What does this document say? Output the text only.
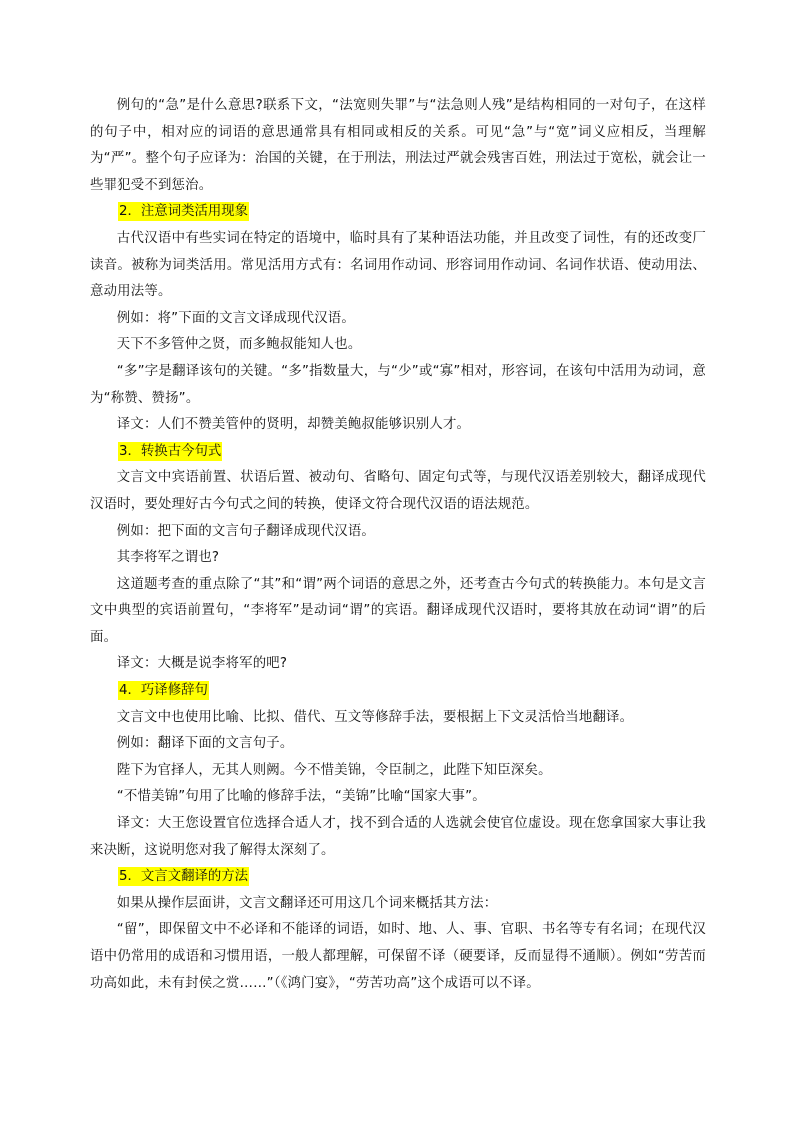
例句的“急”是什么意思?联系下文，“法宽则失罪”与“法急则人残”是结构相同的一对句子，在这样的句子中，相对应的词语的意思通常具有相同或相反的关系。可见“急”与“宽”词义应相反，当理解为“严”。整个句子应译为：治国的关键，在于刑法，刑法过严就会残害百姓，刑法过于宽松，就会让一些罪犯受不到惩治。

2．注意词类活用现象

古代汉语中有些实词在特定的语境中，临时具有了某种语法功能，并且改变了词性，有的还改变厂读音。被称为词类活用。常见活用方式有：名词用作动词、形容词用作动词、名词作状语、使动用法、意动用法等。

例如：将”下面的文言文译成现代汉语。

天下不多管仲之贤，而多鲍叔能知人也。

“多”字是翻译该句的关键。“多”指数量大，与“少”或“寡”相对，形容词，在该句中活用为动词，意为“称赞、赞扬”。

译文：人们不赞美管仲的贤明，却赞美鲍叔能够识别人才。

3．转换古今句式

文言文中宾语前置、状语后置、被动句、省略句、固定句式等，与现代汉语差别较大，翻译成现代汉语时，要处理好古今句式之间的转换，使译文符合现代汉语的语法规范。

例如：把下面的文言句子翻译成现代汉语。

其李将军之谓也?

这道题考查的重点除了“其”和“谓”两个词语的意思之外，还考查古今句式的转换能力。本句是文言文中典型的宾语前置句，“李将军”是动词“谓”的宾语。翻译成现代汉语时，要将其放在动词“谓”的后面。

译文：大概是说李将军的吧?

4．巧译修辞句

文言文中也使用比喻、比拟、借代、互文等修辞手法，要根据上下文灵活恰当地翻译。

例如：翻译下面的文言句子。

陛下为官择人，无其人则阙。今不惜美锦，令臣制之，此陛下知臣深矣。

“不惜美锦”句用了比喻的修辞手法，“美锦”比喻“国家大事”。

译文：大王您设置官位选择合适人才，找不到合适的人选就会使官位虚设。现在您拿国家大事让我来决断，这说明您对我了解得太深刻了。

5．文言文翻译的方法

如果从操作层面讲，文言文翻译还可用这几个词来概括其方法：

“留”，即保留文中不必译和不能译的词语，如时、地、人、事、官职、书名等专有名词；在现代汉语中仍常用的成语和习惯用语，一般人都理解，可保留不译（硬要译，反而显得不通顺）。例如“劳苦而功高如此，未有封侯之赏……”（《鸿门宴》，“劳苦功高”这个成语可以不译。
